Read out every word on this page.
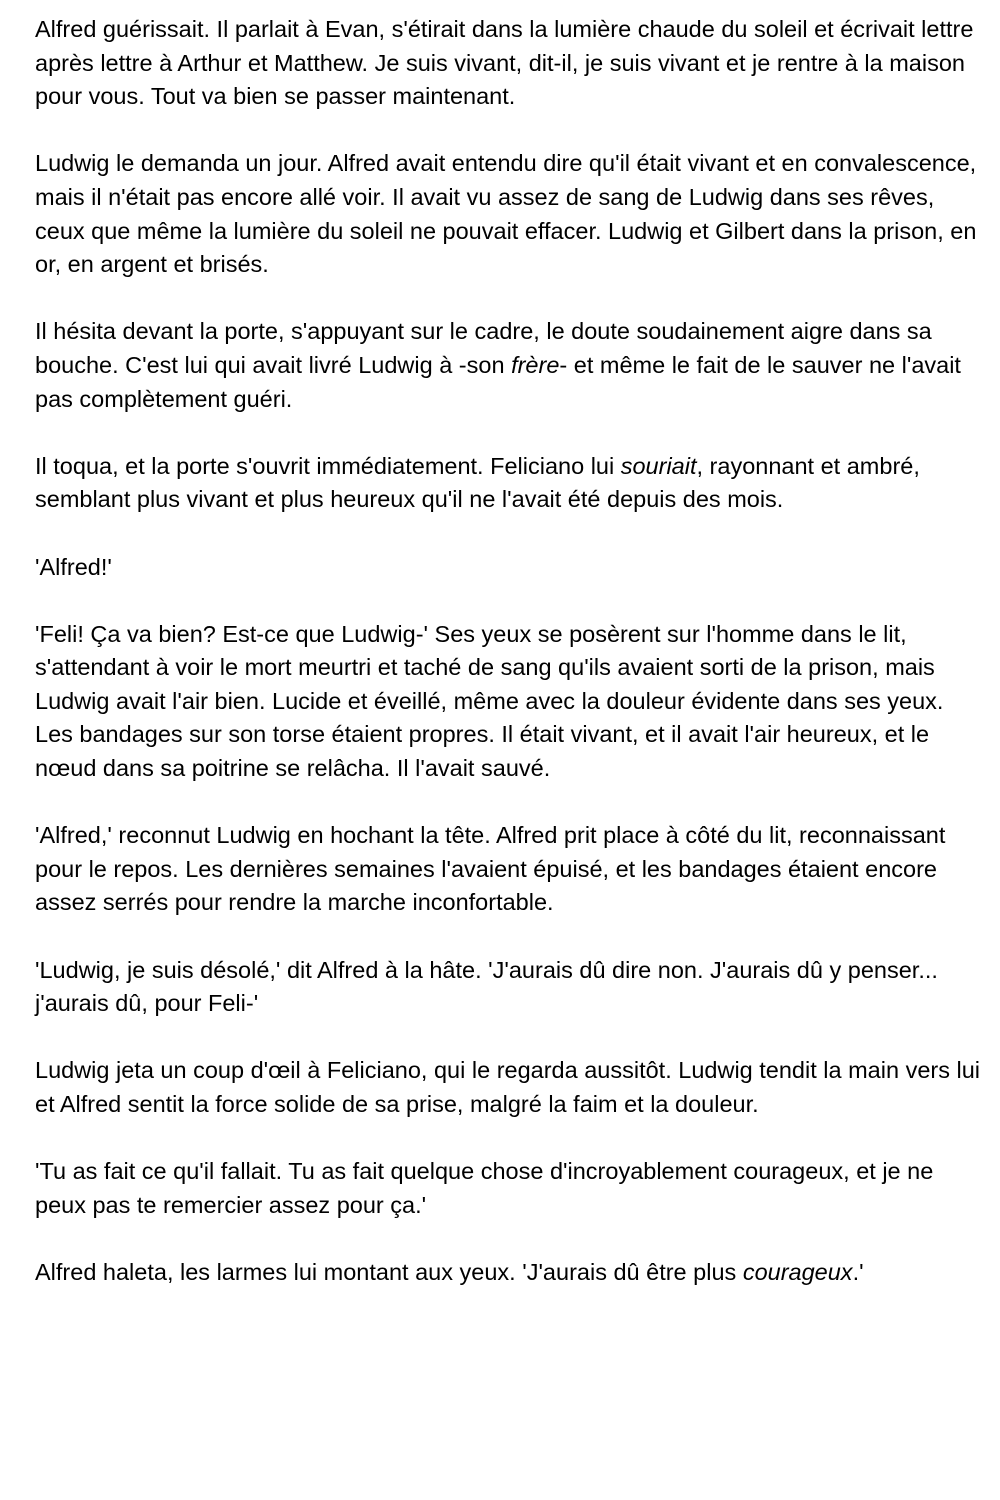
Alfred guérissait. Il parlait à Evan, s'étirait dans la lumière chaude du soleil et écrivait lettre après lettre à Arthur et Matthew. Je suis vivant, dit-il, je suis vivant et je rentre à la maison pour vous. Tout va bien se passer maintenant.

Ludwig le demanda un jour. Alfred avait entendu dire qu'il était vivant et en convalescence, mais il n'était pas encore allé voir. Il avait vu assez de sang de Ludwig dans ses rêves, ceux que même la lumière du soleil ne pouvait effacer. Ludwig et Gilbert dans la prison, en or, en argent et brisés.

Il hésita devant la porte, s'appuyant sur le cadre, le doute soudainement aigre dans sa bouche. C'est lui qui avait livré Ludwig à -son frère- et même le fait de le sauver ne l'avait pas complètement guéri.

Il toqua, et la porte s'ouvrit immédiatement. Feliciano lui souriait, rayonnant et ambré, semblant plus vivant et plus heureux qu'il ne l'avait été depuis des mois.

'Alfred!'

'Feli! Ça va bien? Est-ce que Ludwig-' Ses yeux se posèrent sur l'homme dans le lit, s'attendant à voir le mort meurtri et taché de sang qu'ils avaient sorti de la prison, mais Ludwig avait l'air bien. Lucide et éveillé, même avec la douleur évidente dans ses yeux. Les bandages sur son torse étaient propres. Il était vivant, et il avait l'air heureux, et le nœud dans sa poitrine se relâcha. Il l'avait sauvé.

'Alfred,' reconnut Ludwig en hochant la tête. Alfred prit place à côté du lit, reconnaissant pour le repos. Les dernières semaines l'avaient épuisé, et les bandages étaient encore assez serrés pour rendre la marche inconfortable.

'Ludwig, je suis désolé,' dit Alfred à la hâte. 'J'aurais dû dire non. J'aurais dû y penser... j'aurais dû, pour Feli-'

Ludwig jeta un coup d'œil à Feliciano, qui le regarda aussitôt. Ludwig tendit la main vers lui et Alfred sentit la force solide de sa prise, malgré la faim et la douleur.

'Tu as fait ce qu'il fallait. Tu as fait quelque chose d'incroyablement courageux, et je ne peux pas te remercier assez pour ça.'

Alfred haleta, les larmes lui montant aux yeux. 'J'aurais dû être plus courageux.'
